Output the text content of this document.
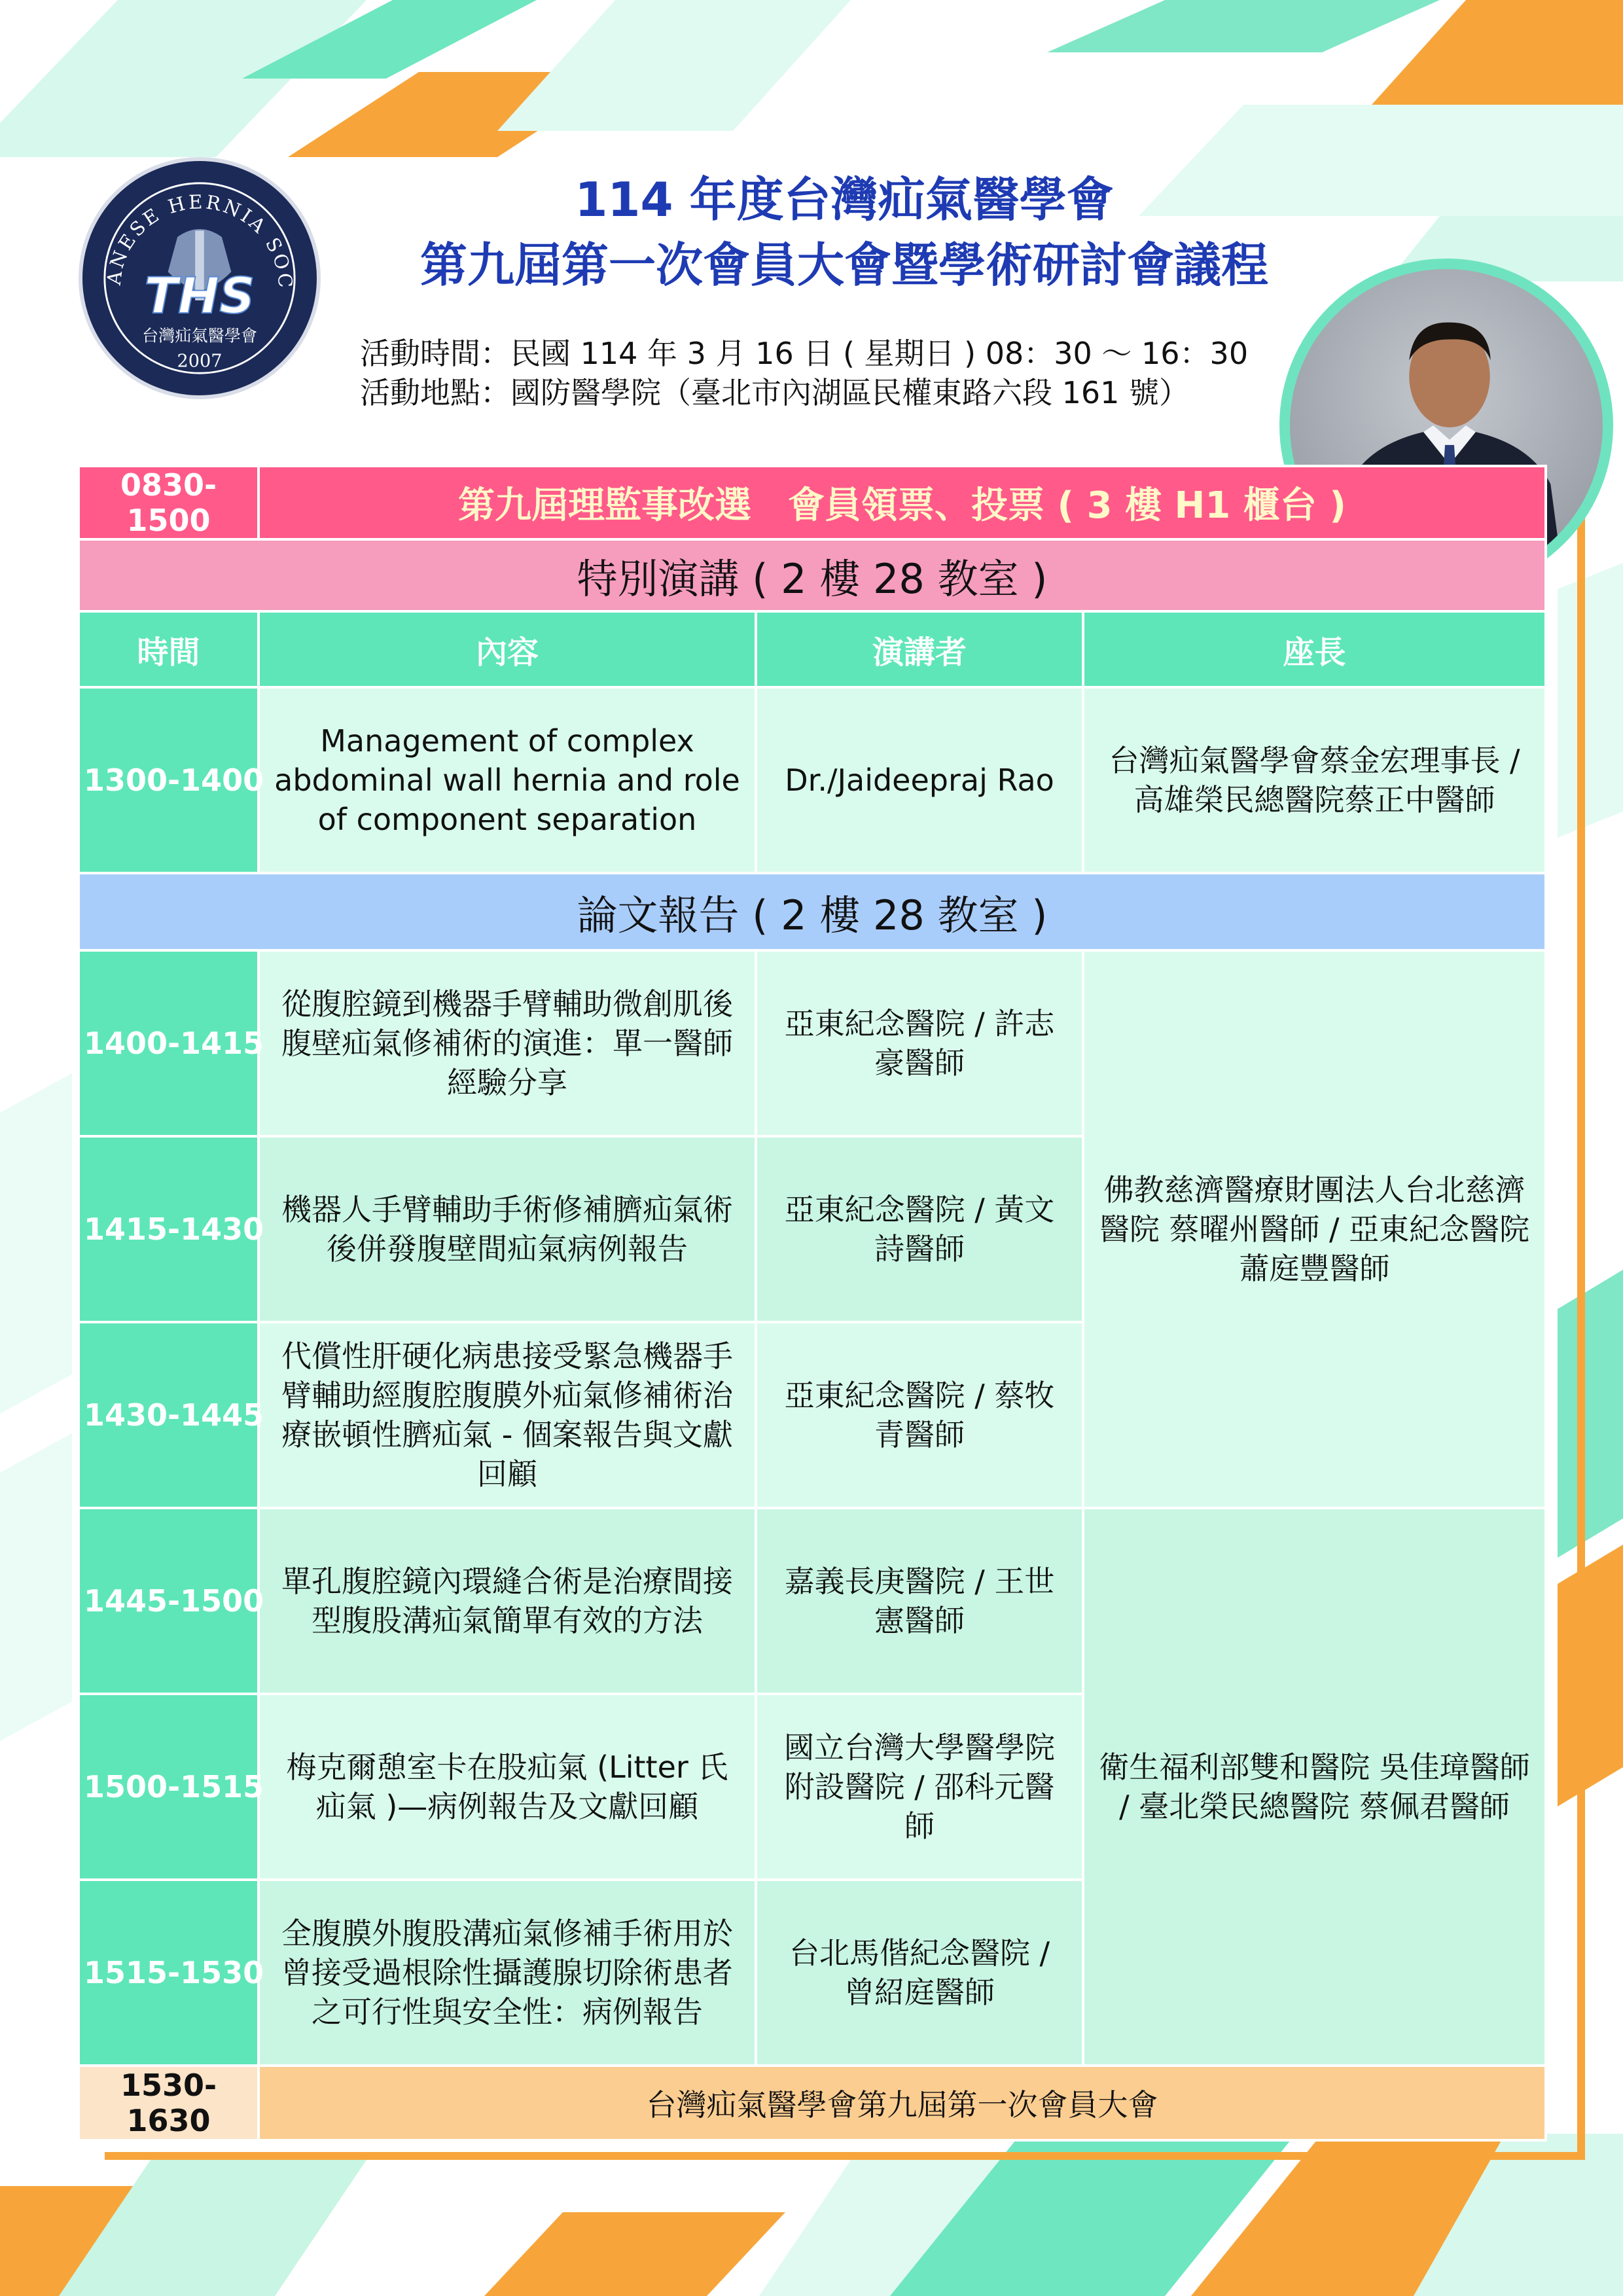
ANESE HERNIA SOC
THS
台灣疝氣醫學會
2007
114 年度台灣疝氣醫學會
第九屆第一次會員大會暨學術研討會議程
活動時間：民國 114 年 3 月 16 日 ( 星期日 ) 08：30 ～ 16：30
活動地點：國防醫學院（臺北市內湖區民權東路六段 161 號）
0830-1500	第九屆理監事改選　會員領票、投票 ( 3 樓 H1 櫃台 )		
特別演講 ( 2 樓 28 教室 )			
時間	內容	演講者	座長
1300-1400	Management of complex abdominal wall hernia and role of component separation	Dr./Jaideepraj Rao	台灣疝氣醫學會蔡金宏理事長 / 高雄榮民總醫院蔡正中醫師
論文報告 ( 2 樓 28 教室 )			
1400-1415	從腹腔鏡到機器手臂輔助微創肌後腹壁疝氣修補術的演進：單一醫師經驗分享	亞東紀念醫院 / 許志豪醫師	佛教慈濟醫療財團法人台北慈濟醫院 蔡曜州醫師 / 亞東紀念醫院蕭庭豐醫師
1415-1430	機器人手臂輔助手術修補臍疝氣術後併發腹壁間疝氣病例報告	亞東紀念醫院 / 黃文詩醫師	
1430-1445	代償性肝硬化病患接受緊急機器手臂輔助經腹腔腹膜外疝氣修補術治療嵌頓性臍疝氣 - 個案報告與文獻回顧	亞東紀念醫院 / 蔡牧青醫師	
1445-1500	單孔腹腔鏡內環縫合術是治療間接型腹股溝疝氣簡單有效的方法	嘉義長庚醫院 / 王世憲醫師	衛生福利部雙和醫院 吳佳璋醫師 / 臺北榮民總醫院 蔡佩君醫師
1500-1515	梅克爾憩室卡在股疝氣 (Litter 氏疝氣 )—病例報告及文獻回顧	國立台灣大學醫學院附設醫院 / 邵科元醫師	
1515-1530	全腹膜外腹股溝疝氣修補手術用於曾接受過根除性攝護腺切除術患者之可行性與安全性：病例報告	台北馬偕紀念醫院 / 曾紹庭醫師	
1530-1630	台灣疝氣醫學會第九屆第一次會員大會		
